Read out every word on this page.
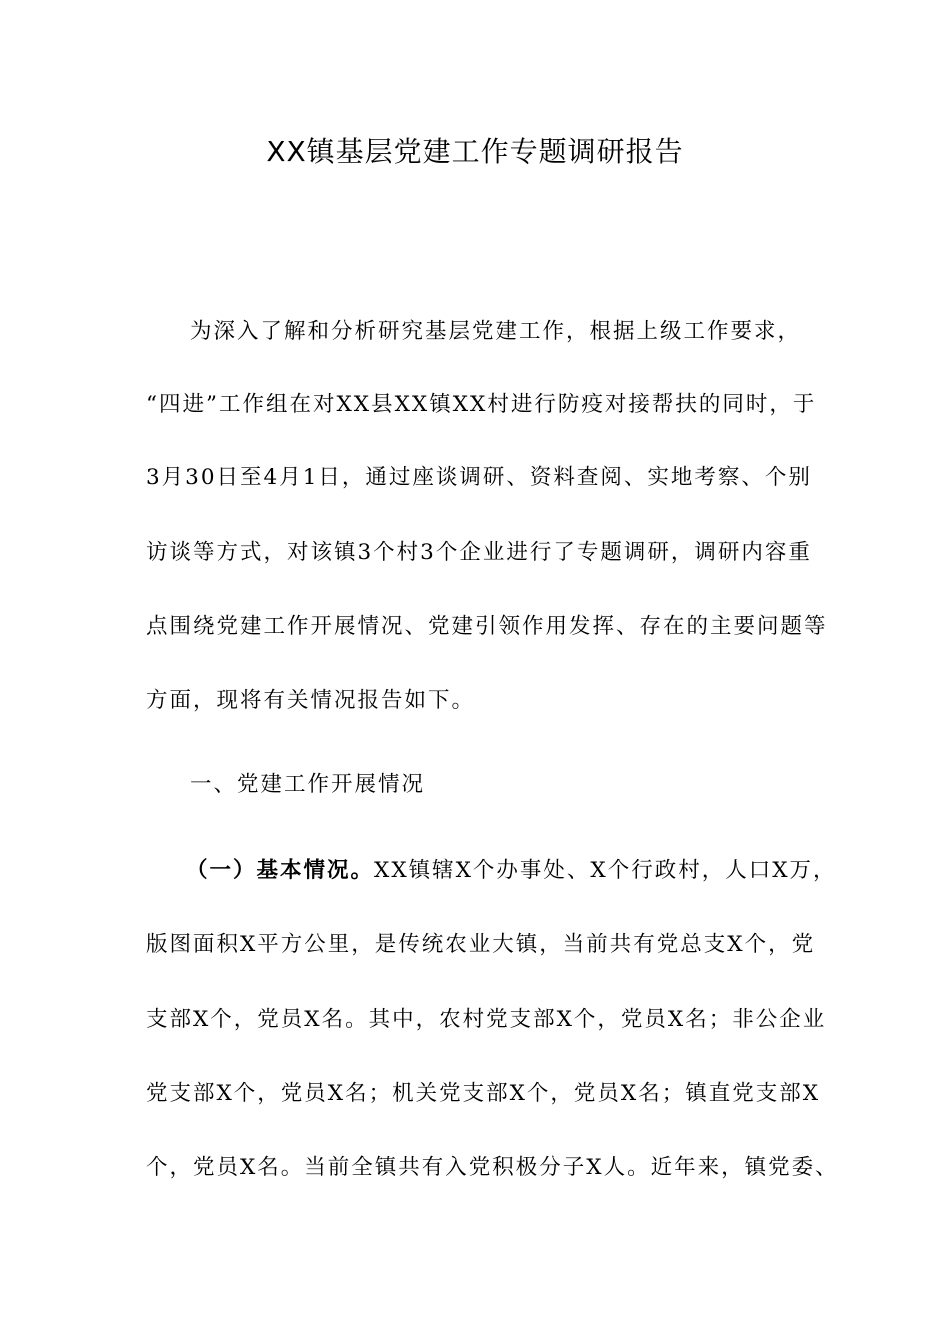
XX镇基层党建工作专题调研报告
为深入了解和分析研究基层党建工作，根据上级工作要求，
“四进”工作组在对XX县XX镇XX村进行防疫对接帮扶的同时，于
3月30日至4月1日，通过座谈调研、资料查阅、实地考察、个别
访谈等方式，对该镇3个村3个企业进行了专题调研，调研内容重
点围绕党建工作开展情况、党建引领作用发挥、存在的主要问题等
方面，现将有关情况报告如下。
一、党建工作开展情况
（一）基本情况。XX镇辖X个办事处、X个行政村，人口X万，
版图面积X平方公里，是传统农业大镇，当前共有党总支X个，党
支部X个，党员X名。其中，农村党支部X个，党员X名；非公企业
党支部X个，党员X名；机关党支部X个，党员X名；镇直党支部X
个，党员X名。当前全镇共有入党积极分子X人。近年来，镇党委、
